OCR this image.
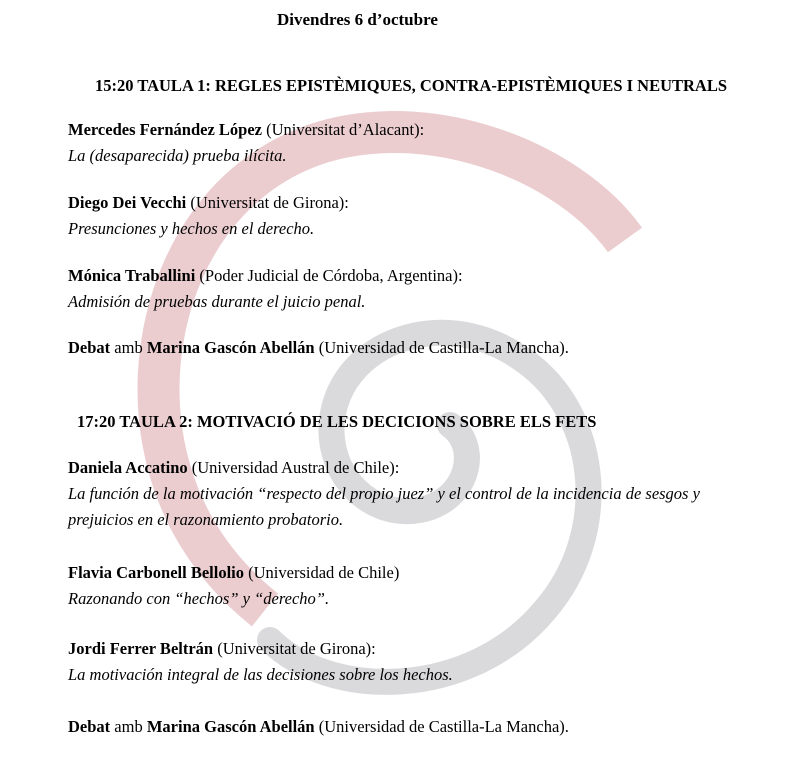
Divendres 6 d’octubre
15:20 TAULA 1: REGLES EPISTÈMIQUES, CONTRA-EPISTÈMIQUES I NEUTRALS
Mercedes Fernández López (Universitat d’Alacant):
La (desaparecida) prueba ilícita.
Diego Dei Vecchi (Universitat de Girona):
Presunciones y hechos en el derecho.
Mónica Traballini (Poder Judicial de Córdoba, Argentina):
Admisión de pruebas durante el juicio penal.
Debat amb Marina Gascón Abellán (Universidad de Castilla-La Mancha).
17:20 TAULA 2: MOTIVACIÓ DE LES DECICIONS SOBRE ELS FETS
Daniela Accatino (Universidad Austral de Chile):
La función de la motivación “respecto del propio juez” y el control de la incidencia de sesgos y prejuicios en el razonamiento probatorio.
Flavia Carbonell Bellolio (Universidad de Chile)
Razonando con “hechos” y “derecho”.
Jordi Ferrer Beltrán (Universitat de Girona):
La motivación integral de las decisiones sobre los hechos.
Debat amb Marina Gascón Abellán (Universidad de Castilla-La Mancha).
